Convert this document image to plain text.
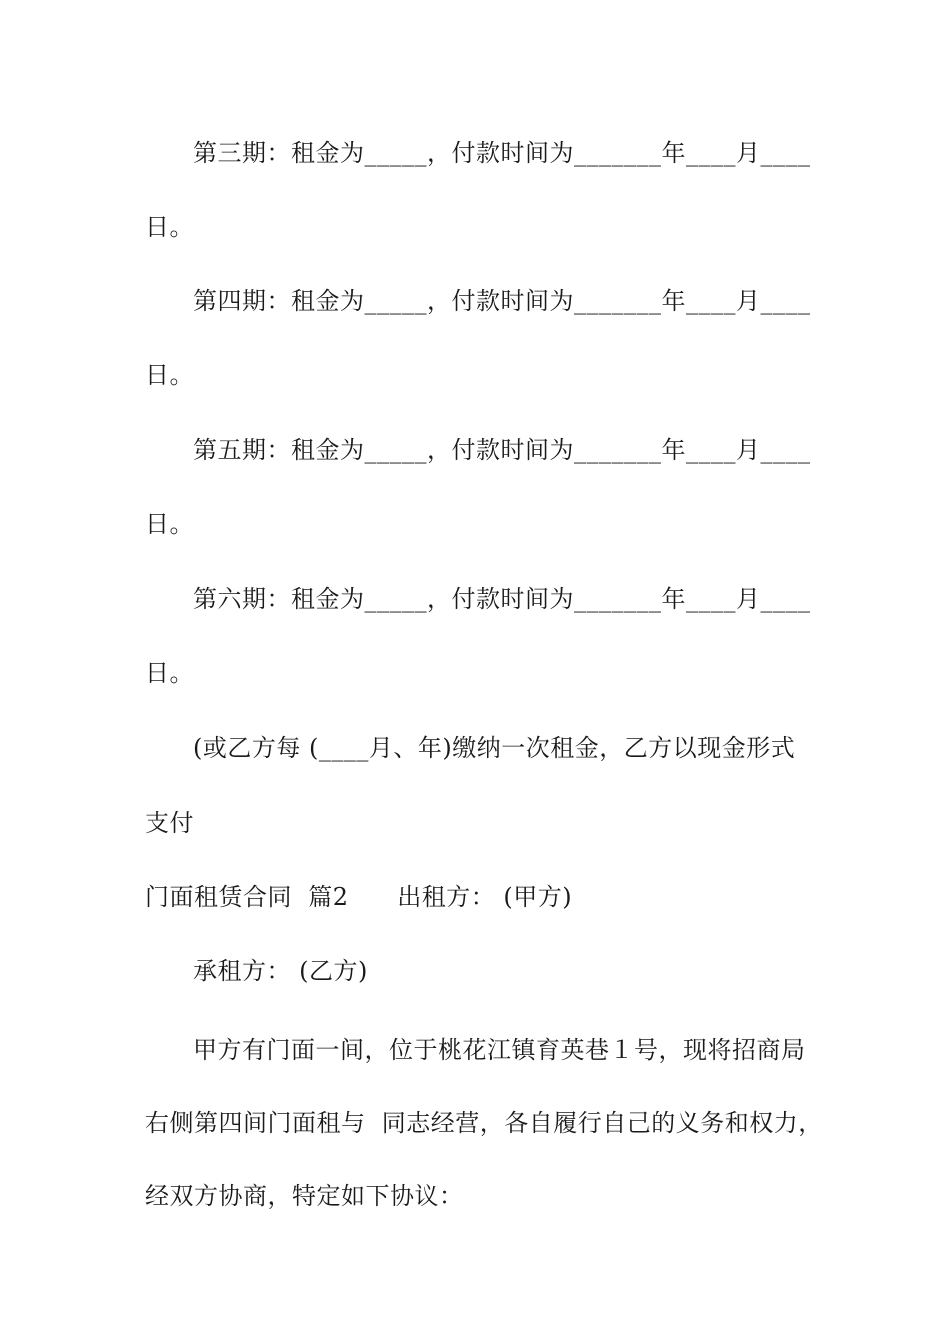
第三期：租金为_____，付款时间为_______年____月____
日。
第四期：租金为_____，付款时间为_______年____月____
日。
第五期：租金为_____，付款时间为_______年____月____
日。
第六期：租金为_____，付款时间为_______年____月____
日。
(或乙方每 (____月、年)缴纳一次租金，乙方以现金形式
支付
门面租赁合同  篇2      出租方： (甲方)
承租方： (乙方)
甲方有门面一间，位于桃花江镇育英巷１号，现将招商局
右侧第四间门面租与  同志经营，各自履行自己的义务和权力，
经双方协商，特定如下协议：
